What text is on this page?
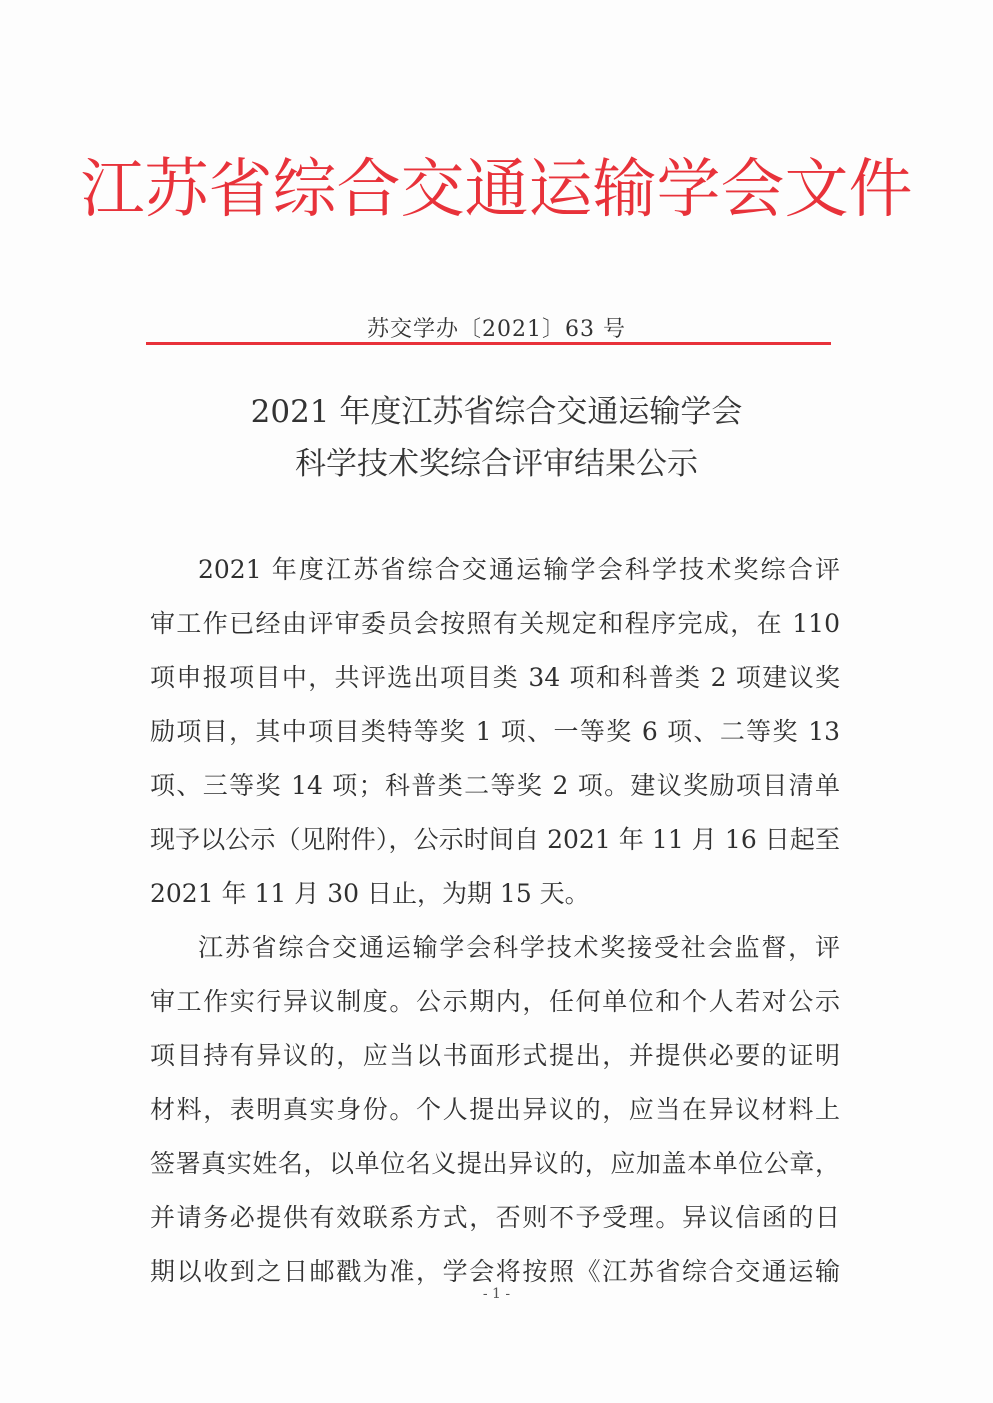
江苏省综合交通运输学会文件
苏交学办〔2021〕63 号
2021 年度江苏省综合交通运输学会
科学技术奖综合评审结果公示
2021 年度江苏省综合交通运输学会科学技术奖综合评
审工作已经由评审委员会按照有关规定和程序完成，在 110
项申报项目中，共评选出项目类 34 项和科普类 2 项建议奖
励项目，其中项目类特等奖 1 项、一等奖 6 项、二等奖 13
项、三等奖 14 项；科普类二等奖 2 项。建议奖励项目清单
现予以公示（见附件），公示时间自 2021 年 11 月 16 日起至
2021 年 11 月 30 日止，为期 15 天。
江苏省综合交通运输学会科学技术奖接受社会监督，评
审工作实行异议制度。公示期内，任何单位和个人若对公示
项目持有异议的，应当以书面形式提出，并提供必要的证明
材料，表明真实身份。个人提出异议的，应当在异议材料上
签署真实姓名，以单位名义提出异议的，应加盖本单位公章，
并请务必提供有效联系方式，否则不予受理。异议信函的日
期以收到之日邮戳为准，学会将按照《江苏省综合交通运输
- 1 -
